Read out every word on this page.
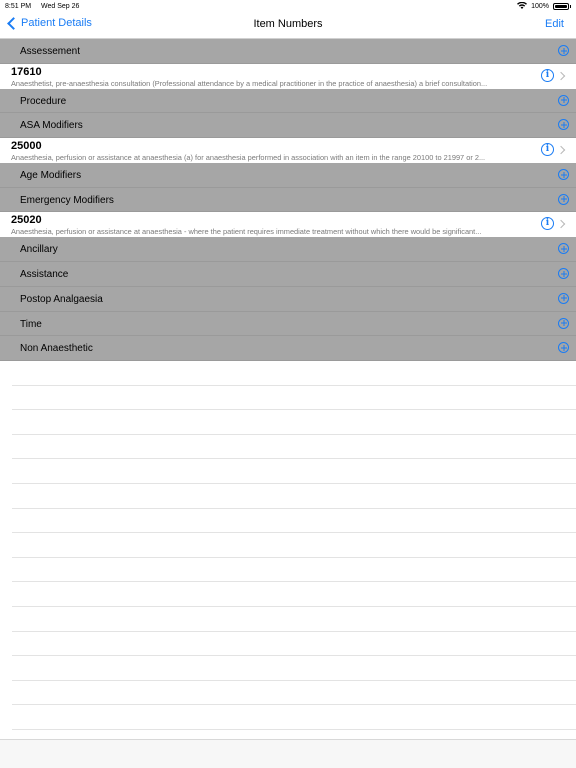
8:51 PM Wed Sep 26	100%
Patient Details	Item Numbers	Edit
Assessement
17610
Anaesthetist, pre-anaesthesia consultation (Professional attendance by a medical practitioner in the practice of anaesthesia) a brief consultation...
i
Procedure
ASA Modifiers
25000
Anaesthesia, perfusion or assistance at anaesthesia (a) for anaesthesia performed in association with an item in the range 20100 to 21997 or 2...
i
Age Modifiers
Emergency Modifiers
25020
Anaesthesia, perfusion or assistance at anaesthesia - where the patient requires immediate treatment without which there would be significant...
i
Ancillary
Assistance
Postop Analgaesia
Time
Non Anaesthetic
